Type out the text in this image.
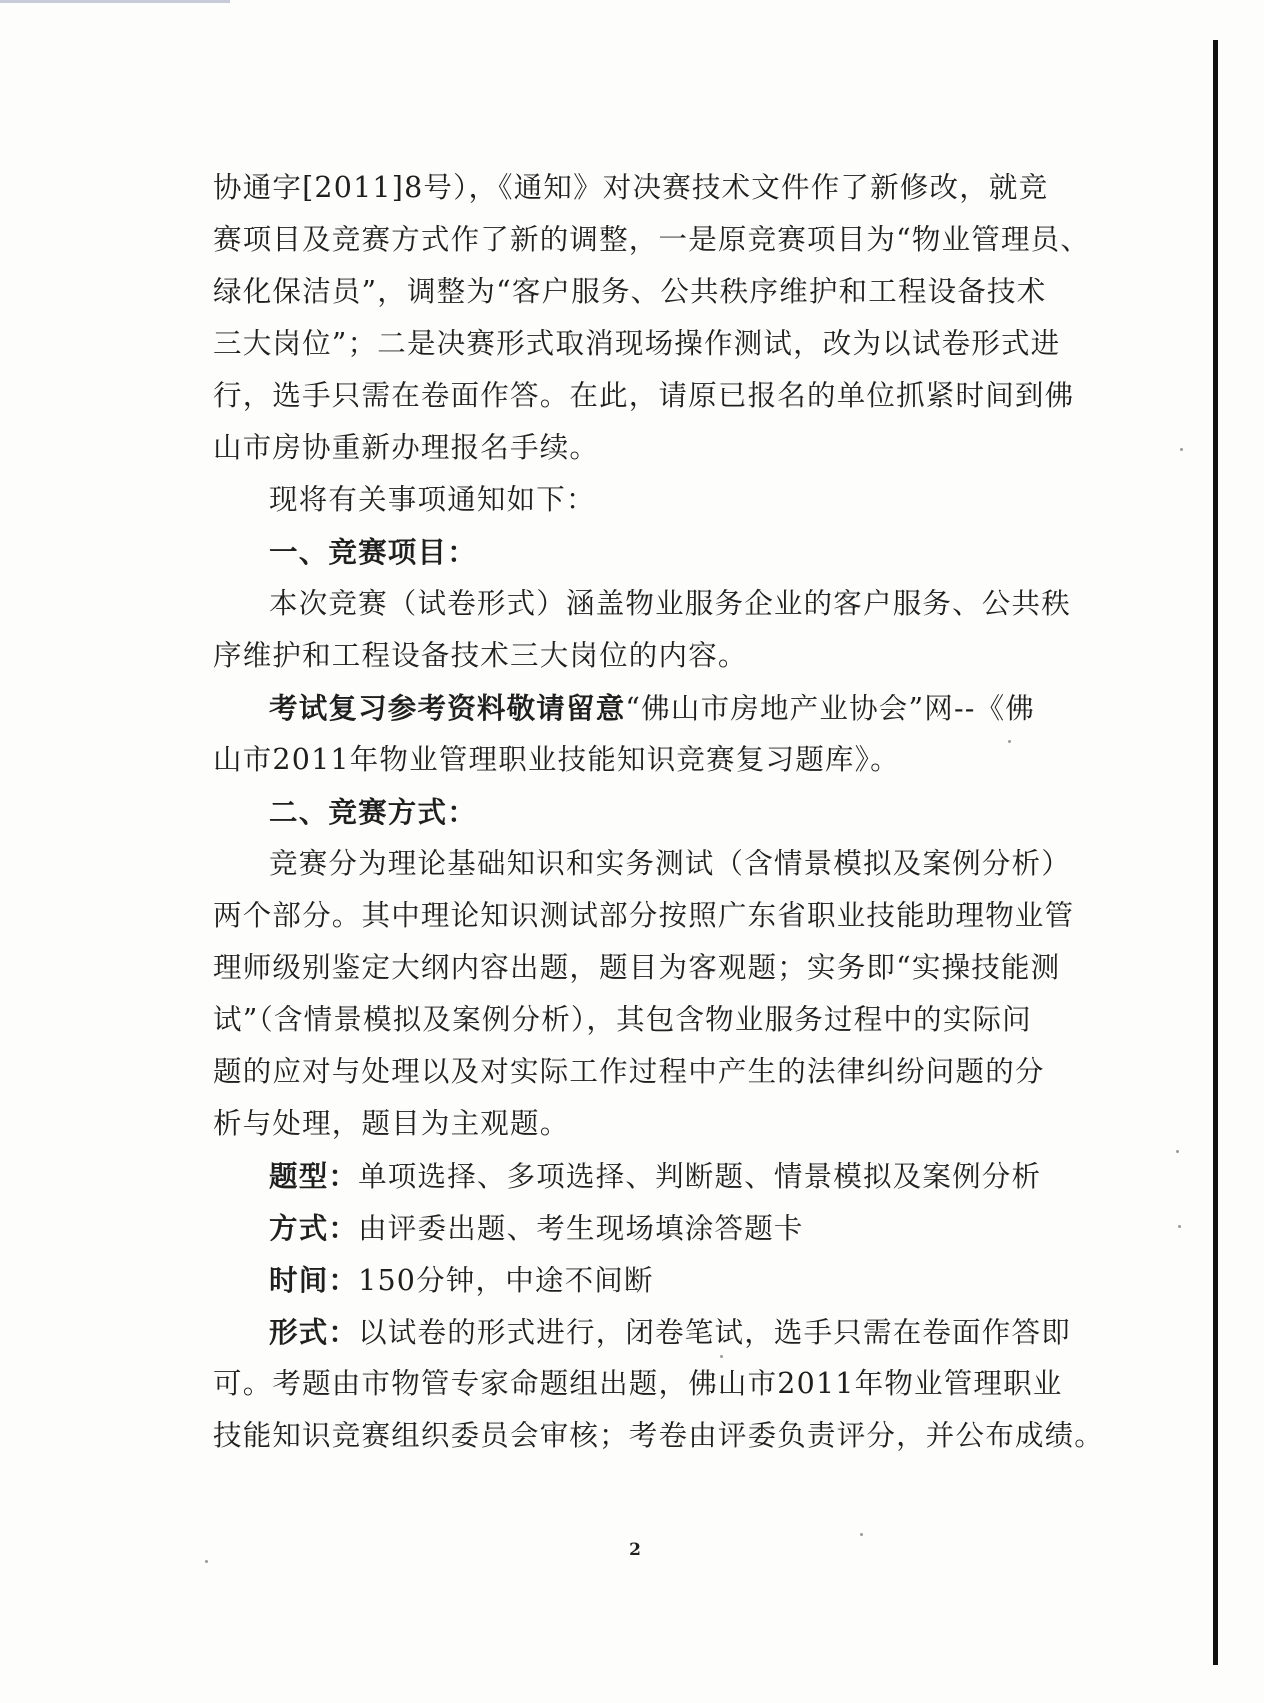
协通字[2011]8号），《通知》对决赛技术文件作了新修改，就竞
赛项目及竞赛方式作了新的调整，一是原竞赛项目为“物业管理员、
绿化保洁员”，调整为“客户服务、公共秩序维护和工程设备技术
三大岗位”；二是决赛形式取消现场操作测试，改为以试卷形式进
行，选手只需在卷面作答。在此，请原已报名的单位抓紧时间到佛
山市房协重新办理报名手续。
现将有关事项通知如下：
一、竞赛项目：
本次竞赛（试卷形式）涵盖物业服务企业的客户服务、公共秩
序维护和工程设备技术三大岗位的内容。
考试复习参考资料敬请留意“佛山市房地产业协会”网--《佛
山市2011年物业管理职业技能知识竞赛复习题库》。
二、竞赛方式：
竞赛分为理论基础知识和实务测试（含情景模拟及案例分析）
两个部分。其中理论知识测试部分按照广东省职业技能助理物业管
理师级别鉴定大纲内容出题，题目为客观题；实务即“实操技能测
试”（含情景模拟及案例分析），其包含物业服务过程中的实际问
题的应对与处理以及对实际工作过程中产生的法律纠纷问题的分
析与处理，题目为主观题。
题型：单项选择、多项选择、判断题、情景模拟及案例分析
方式：由评委出题、考生现场填涂答题卡
时间：150分钟，中途不间断
形式：以试卷的形式进行，闭卷笔试，选手只需在卷面作答即
可。考题由市物管专家命题组出题，佛山市2011年物业管理职业
技能知识竞赛组织委员会审核；考卷由评委负责评分，并公布成绩。
2
